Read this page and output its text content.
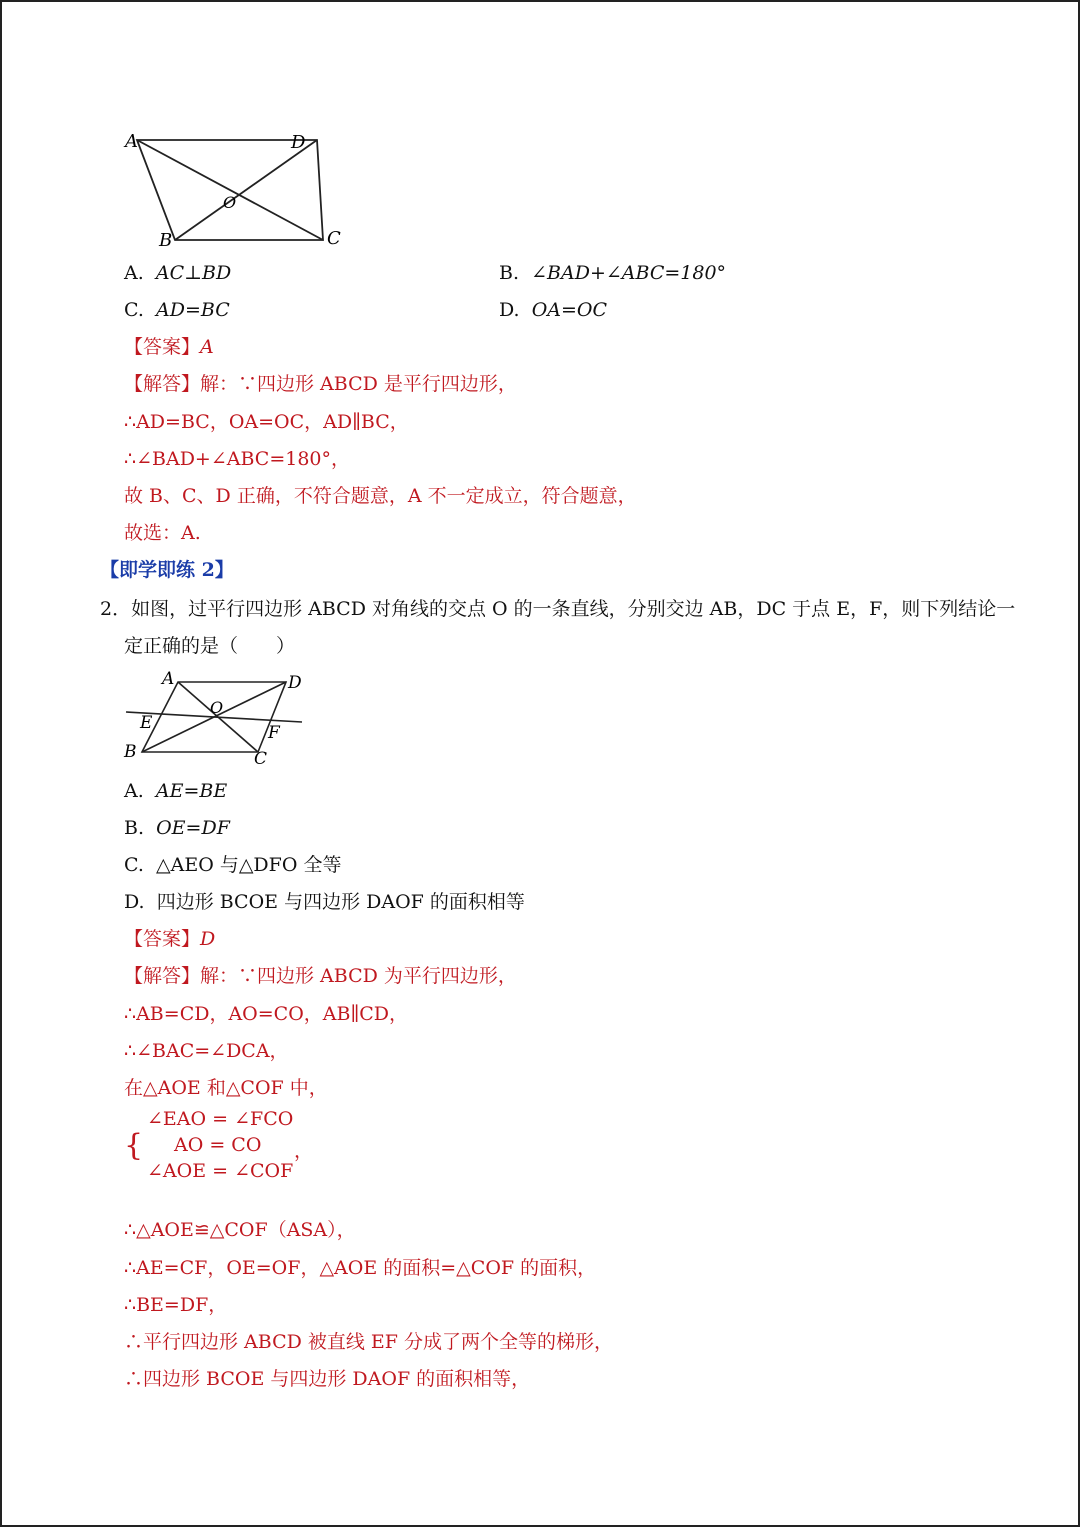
A	D
O
B	C
A. AC⊥BD	B. ∠BAD+∠ABC=180°
C. AD=BC	D. OA=OC
【答案】A
【解答】解：∵四边形 ABCD 是平行四边形，
∴AD=BC，OA=OC，AD∥BC，
∴∠BAD+∠ABC=180°，
故 B、C、D 正确，不符合题意，A 不一定成立，符合题意，
故选：A.
【即学即练 2】
2．如图，过平行四边形 ABCD 对角线的交点 O 的一条直线，分别交边 AB，DC 于点 E，F，则下列结论一
定正确的是（　　）
A	D
O
E	F
B	C
A. AE=BE
B. OE=DF
C. △AEO 与△DFO 全等
D. 四边形 BCOE 与四边形 DAOF 的面积相等
【答案】D
【解答】解：∵四边形 ABCD 为平行四边形，
∴AB=CD，AO=CO，AB∥CD，
∴∠BAC=∠DCA，
在△AOE 和△COF 中，
{
∠EAO = ∠FCO
AO = CO
∠AOE = ∠COF
，
∴△AOE≌△COF（ASA），
∴AE=CF，OE=OF，△AOE 的面积=△COF 的面积，
∴BE=DF，
∴平行四边形 ABCD 被直线 EF 分成了两个全等的梯形，
∴四边形 BCOE 与四边形 DAOF 的面积相等，
